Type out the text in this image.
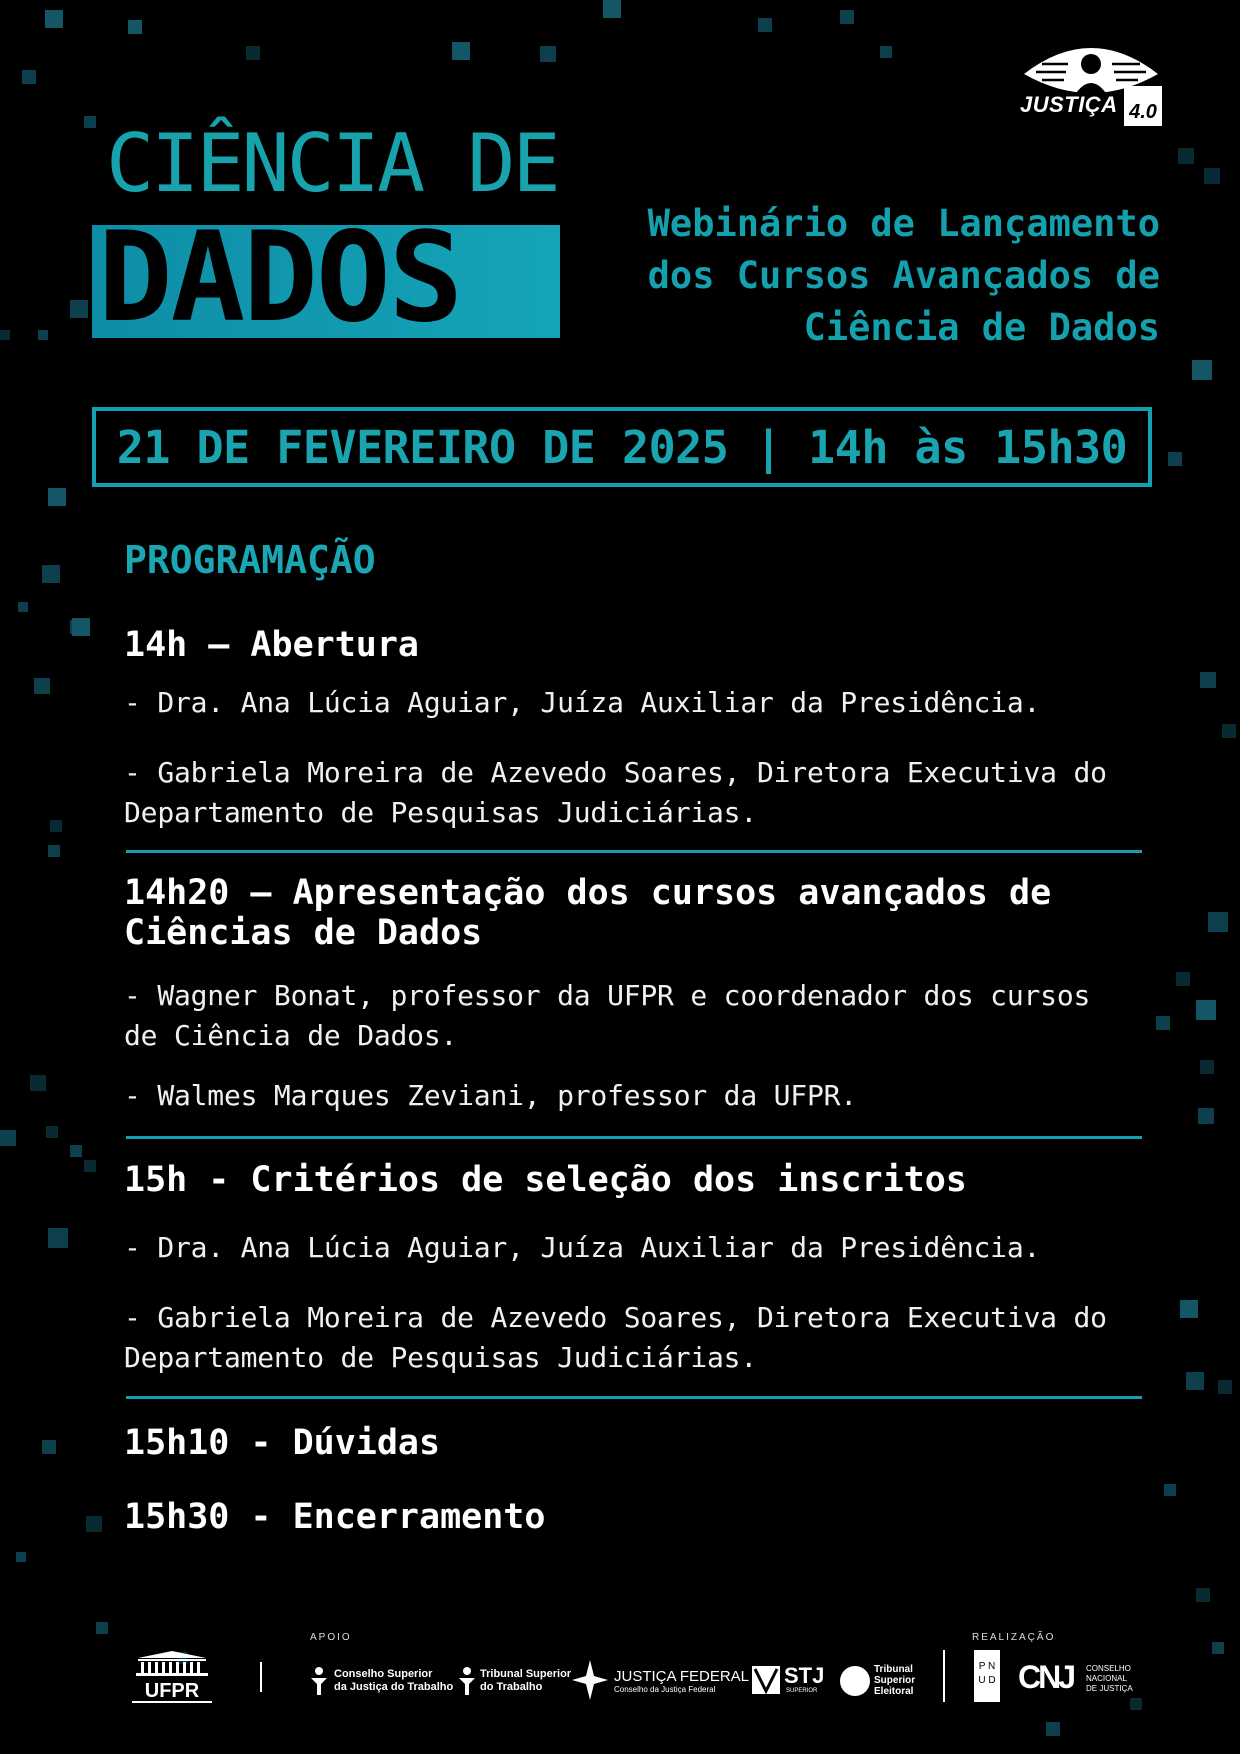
JUSTIÇA 4.0
CIÊNCIA DE
DADOS	Webinário de Lançamento
dos Cursos Avançados de
Ciência de Dados
21 DE FEVEREIRO DE 2025 | 14h às 15h30
PROGRAMAÇÃO
14h – Abertura
- Dra. Ana Lúcia Aguiar, Juíza Auxiliar da Presidência.
- Gabriela Moreira de Azevedo Soares, Diretora Executiva do
Departamento de Pesquisas Judiciárias.
14h20 – Apresentação dos cursos avançados de
Ciências de Dados
- Wagner Bonat, professor da UFPR e coordenador dos cursos
de Ciência de Dados.
- Walmes Marques Zeviani, professor da UFPR.
15h - Critérios de seleção dos inscritos
- Dra. Ana Lúcia Aguiar, Juíza Auxiliar da Presidência.
- Gabriela Moreira de Azevedo Soares, Diretora Executiva do
Departamento de Pesquisas Judiciárias.
15h10 - Dúvidas
15h30 - Encerramento
UFPR
APOIO
Conselho Superior
da Justiça do Trabalho
Tribunal Superior
do Trabalho
JUSTIÇA FEDERAL
Conselho da Justiça Federal
STJ
SUPERIOR
Tribunal
Superior
Eleitoral
REALIZAÇÃO
P N
U D CNJ CONSELHO
NACIONAL
DE JUSTIÇA
